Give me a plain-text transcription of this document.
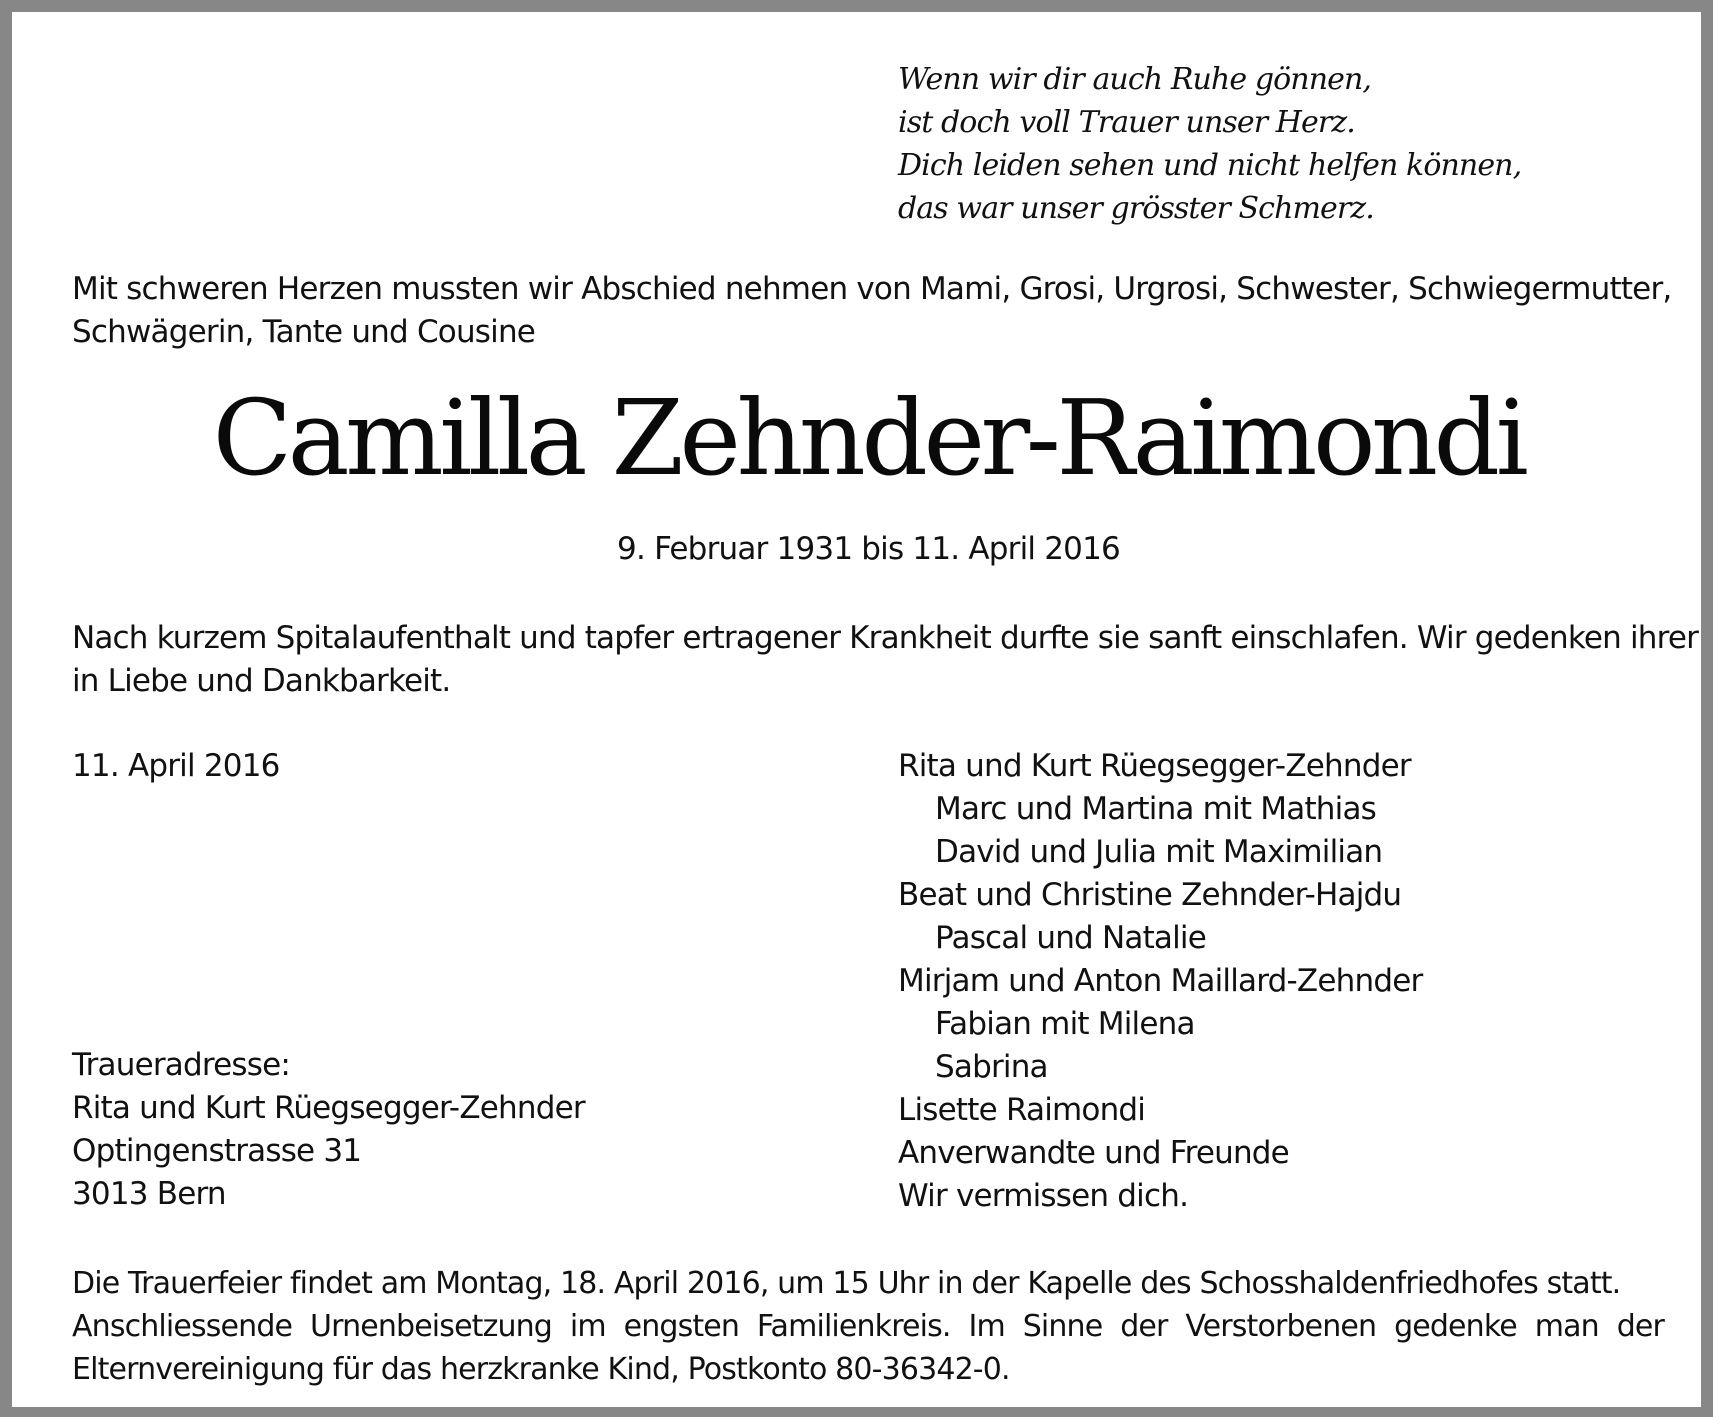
Wenn wir dir auch Ruhe gönnen,
ist doch voll Trauer unser Herz.
Dich leiden sehen und nicht helfen können,
das war unser grösster Schmerz.
Mit schweren Herzen mussten wir Abschied nehmen von Mami, Grosi, Urgrosi, Schwester, Schwiegermutter,
Schwägerin, Tante und Cousine
Camilla Zehnder-Raimondi
9. Februar 1931 bis 11. April 2016
Nach kurzem Spitalaufenthalt und tapfer ertragener Krankheit durfte sie sanft einschlafen. Wir gedenken ihrer
in Liebe und Dankbarkeit.
11. April 2016	Rita und Kurt Rüegsegger-Zehnder
Marc und Martina mit Mathias
David und Julia mit Maximilian
Beat und Christine Zehnder-Hajdu
Pascal und Natalie
Mirjam und Anton Maillard-Zehnder
Fabian mit Milena
Sabrina
Lisette Raimondi
Anverwandte und Freunde
Wir vermissen dich.
Traueradresse:
Rita und Kurt Rüegsegger-Zehnder
Optingenstrasse 31
3013 Bern
Die Trauerfeier findet am Montag, 18. April 2016, um 15 Uhr in der Kapelle des Schosshaldenfriedhofes statt.
Anschliessende Urnenbeisetzung im engsten Familienkreis. Im Sinne der Verstorbenen gedenke man der
Elternvereinigung für das herzkranke Kind, Postkonto 80-36342-0.
